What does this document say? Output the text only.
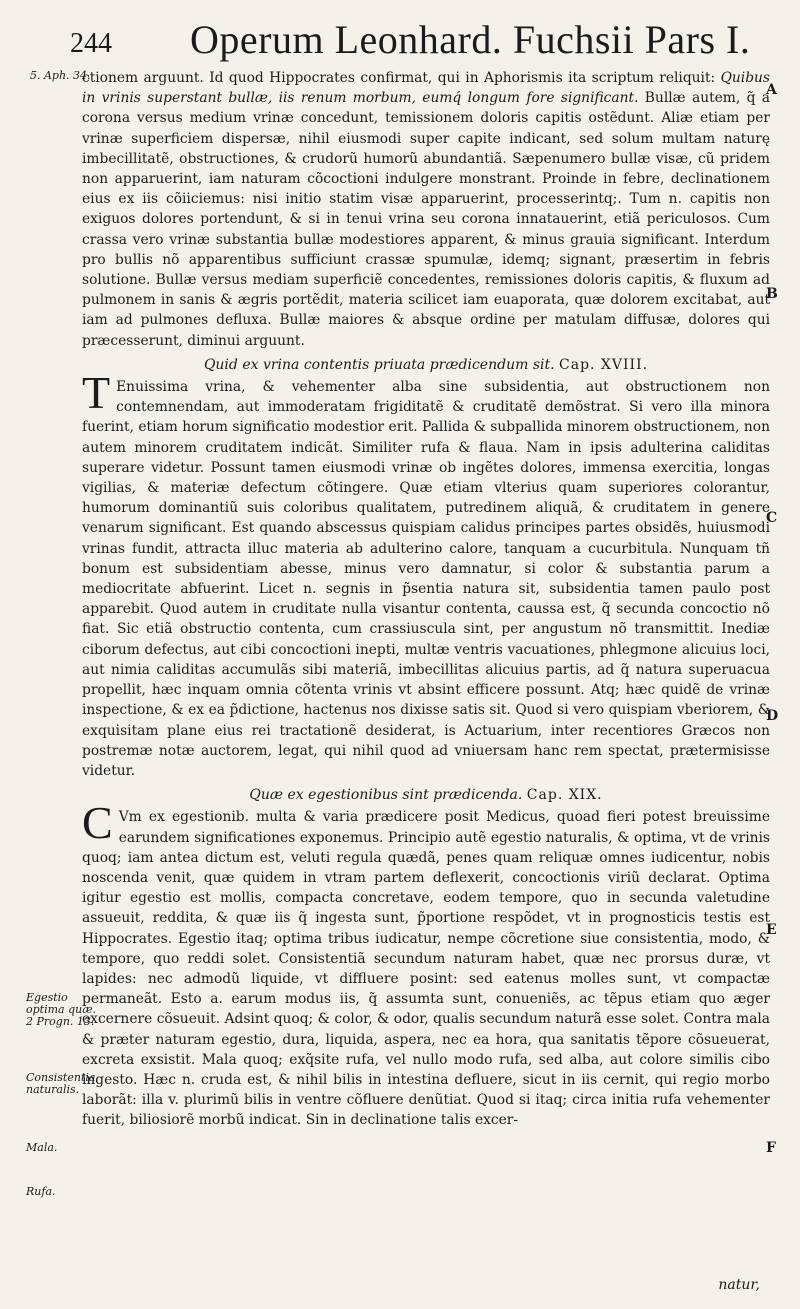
244 Operum Leonhard. Fuchsii Pars I.
5. Aph. 34.
Egestio optima quæ. 2 Progn. 13.
Consistentia naturalis.
Mala.
Rufa.
A
B
C
D
E
F

ctionem arguunt. Id quod Hippocrates confirmat, qui in Aphorismis ita scriptum reliquit: Quibus in vrinis superstant bullæ, iis renum morbum, eumq́ longum fore significant. Bullæ autem, q̃ a corona versus medium vrinæ concedunt, temissionem doloris capitis ostẽdunt. Aliæ etiam per vrinæ superficiem dispersæ, nihil eiusmodi super capite indicant, sed solum multam naturę imbecillitatẽ, obstructiones, & crudorũ humorũ abundantiã. Sæpenumero bullæ visæ, cũ pridem non apparuerint, iam naturam cõcoctioni indulgere monstrant. Proinde in febre, declinationem eius ex iis cõiiciemus: nisi initio statim visæ apparuerint, processerintq;. Tum n. capitis non exiguos dolores portendunt, & si in tenui vrina seu corona innatauerint, etiã periculosos. Cum crassa vero vrinæ substantia bullæ modestiores apparent, & minus grauia significant. Interdum pro bullis nõ apparentibus sufficiunt crassæ spumulæ, idemq; signant, præsertim in febris solutione. Bullæ versus mediam superficiẽ concedentes, remissiones doloris capitis, & fluxum ad pulmonem in sanis & ægris portẽdit, materia scilicet iam euaporata, quæ dolorem excitabat, aut iam ad pulmones defluxa. Bullæ maiores & absque ordine per matulam diffusæ, dolores qui præcesserunt, diminui arguunt.

Quid ex vrina contentis priuata prædicendum sit. Cap. XVIII.

T Enuissima vrina, & vehementer alba sine subsidentia, aut obstructionem non contemnendam, aut immoderatam frigiditatẽ & cruditatẽ demõstrat. Si vero illa minora fuerint, etiam horum significatio modestior erit. Pallida & subpallida minorem obstructionem, non autem minorem cruditatem indicãt. Similiter rufa & flaua. Nam in ipsis adulterina caliditas superare videtur. Possunt tamen eiusmodi vrinæ ob ingẽtes dolores, immensa exercitia, longas vigilias, & materiæ defectum cõtingere. Quæ etiam vlterius quam superiores colorantur, humorum dominantiũ suis coloribus qualitatem, putredinem aliquã, & cruditatem in genere venarum significant. Est quando abscessus quispiam calidus principes partes obsidẽs, huiusmodi vrinas fundit, attracta illuc materia ab adulterino calore, tanquam a cucurbitula. Nunquam tñ bonum est subsidentiam abesse, minus vero damnatur, si color & substantia parum a mediocritate abfuerint. Licet n. segnis in p̃sentia natura sit, subsidentia tamen paulo post apparebit. Quod autem in cruditate nulla visantur contenta, caussa est, q̃ secunda concoctio nõ fiat. Sic etiã obstructio contenta, cum crassiuscula sint, per angustum nõ transmittit. Inediæ ciborum defectus, aut cibi concoctioni inepti, multæ ventris vacuationes, phlegmone alicuius loci, aut nimia caliditas accumulãs sibi materiã, imbecillitas alicuius partis, ad q̃ natura superuacua propellit, hæc inquam omnia cõtenta vrinis vt absint efficere possunt. Atq; hæc quidẽ de vrinæ inspectione, & ex ea p̃dictione, hactenus nos dixisse satis sit. Quod si vero quispiam vberiorem, & exquisitam plane eius rei tractationẽ desiderat, is Actuarium, inter recentiores Græcos non postremæ notæ auctorem, legat, qui nihil quod ad vniuersam hanc rem spectat, prætermisisse videtur.

Quæ ex egestionibus sint prædicenda. Cap. XIX.

C Vm ex egestionib. multa & varia prædicere posit Medicus, quoad fieri potest breuissime earundem significationes exponemus. Principio autẽ egestio naturalis, & optima, vt de vrinis quoq; iam antea dictum est, veluti regula quædã, penes quam reliquæ omnes iudicentur, nobis noscenda venit, quæ quidem in vtram partem deflexerit, concoctionis viriũ declarat. Optima igitur egestio est mollis, compacta concretave, eodem tempore, quo in secunda valetudine assueuit, reddita, & quæ iis q̃ ingesta sunt, p̃portione respõdet, vt in prognosticis testis est Hippocrates. Egestio itaq; optima tribus iudicatur, nempe cõcretione siue consistentia, modo, & tempore, quo reddi solet. Consistentiã secundum naturam habet, quæ nec prorsus duræ, vt lapides: nec admodũ liquide, vt diffluere posint: sed eatenus molles sunt, vt compactæ permaneãt. Esto a. earum modus iis, q̃ assumta sunt, conueniẽs, ac tẽpus etiam quo æger excernere cõsueuit. Adsint quoq; & color, & odor, qualis secundum naturã esse solet. Contra mala & præter naturam egestio, dura, liquida, aspera, nec ea hora, qua sanitatis tẽpore cõsueuerat, excreta exsistit. Mala quoq; exq̃site rufa, vel nullo modo rufa, sed alba, aut colore similis cibo ingesto. Hæc n. cruda est, & nihil bilis in intestina defluere, sicut in iis cernit, qui regio morbo laborãt: illa v. plurimũ bilis in ventre cõfluere denũtiat. Quod si itaq; circa initia rufa vehementer fuerit, biliosiorẽ morbũ indicat. Sin in declinatione talis excer-

natur,
